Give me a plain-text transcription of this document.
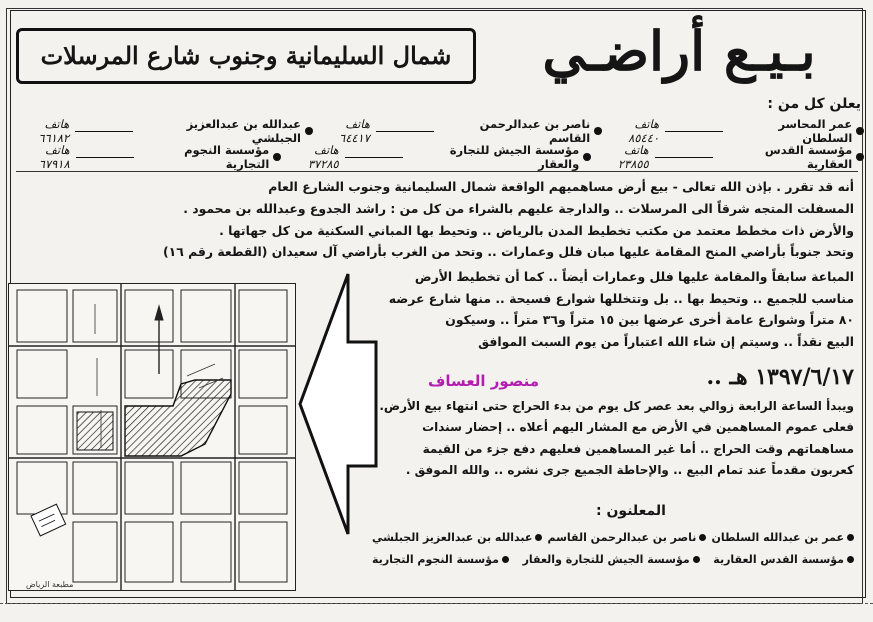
بـيـع أراضـي
شمال السليمانية وجنوب شارع المرسلات
يعلن كل من :
عمر المحاسر السلطان
هاتف ٨٥٤٤٠
ناصر بن عبدالرحمن القاسم
هاتف ٦٤٤١٧
عبدالله بن عبدالعزيز الجبلشي
هاتف ٦٦١٨٢
مؤسسة القدس العقارية
هاتف ٢٣٨٥٥
مؤسسة الجيش للتجارة والعقار
هاتف ٣٧٢٨٥
مؤسسة النجوم التجارية
هاتف ٦٧٩١٨
أنه قد تقرر . بإذن الله تعالى - بيع أرض مساهميهم الواقعة شمال السليمانية وجنوب الشارع العام
المسفلت المتجه شرقاً الى المرسلات .. والدارجة عليهم بالشراء من كل من : راشد الجدوع وعبدالله بن محمود .
والأرض ذات مخطط معتمد من مكتب تخطيط المدن بالرياض .. وتحيط بها المباني السكنية من كل جهاتها .
وتحد جنوباً بأراضي المنح المقامة عليها مبان فلل وعمارات .. وتحد من الغرب بأراضي آل سعيدان (القطعة رقم ١٦)
المباعة سابقاً والمقامة عليها فلل وعمارات أيضاً .. كما أن تخطيط الأرض
مناسب للجميع .. وتحيط بها .. بل وتتخللها شوارع فسيحة .. منها شارع عرضه
٨٠ متراً وشوارع عامة أخرى عرضها بين ١٥ متراً و٣٦ متراً .. وسيكون
البيع نقداً .. وسيتم إن شاء الله اعتباراً من يوم السبت الموافق
١٣٩٧/٦/١٧ هـ ..
منصور العساف
ويبدأ الساعة الرابعة زوالي بعد عصر كل يوم من بدء الحراج حتى انتهاء بيع الأرض.
فعلى عموم المساهمين في الأرض مع المشار اليهم أعلاه .. إحضار سندات
مساهماتهم وقت الحراج .. أما غير المساهمين فعليهم دفع جزء من القيمة
كعربون مقدماً عند تمام البيع .. والإحاطة الجميع جرى نشره .. والله الموفق .
المعلنون :
عمر بن عبدالله السلطان
ناصر بن عبدالرحمن القاسم
عبدالله بن عبدالعزيز الجبلشي
مؤسسة القدس العقارية
مؤسسة الجيش للتجارة والعقار
مؤسسة النجوم التجارية
مطبعة الرياض
